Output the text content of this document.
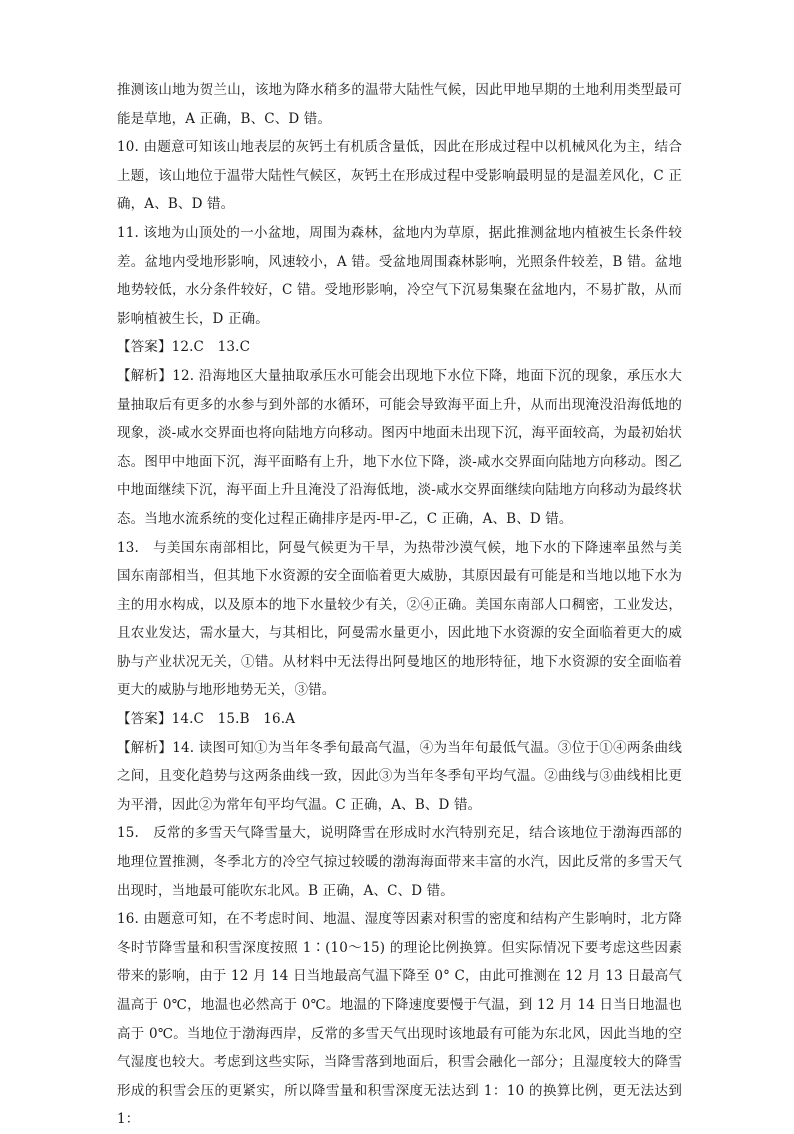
推测该山地为贺兰山，该地为降水稍多的温带大陆性气候，因此甲地早期的土地利用类型最可能是草地，A 正确，B、C、D 错。

10. 由题意可知该山地表层的灰钙土有机质含量低，因此在形成过程中以机械风化为主，结合上题，该山地位于温带大陆性气候区，灰钙土在形成过程中受影响最明显的是温差风化，C 正确，A、B、D 错。

11. 该地为山顶处的一小盆地，周围为森林，盆地内为草原，据此推测盆地内植被生长条件较差。盆地内受地形影响，风速较小，A 错。受盆地周围森林影响，光照条件较差，B 错。盆地地势较低，水分条件较好，C 错。受地形影响，冷空气下沉易集聚在盆地内，不易扩散，从而影响植被生长，D 正确。

【答案】12.C　13.C

【解析】12. 沿海地区大量抽取承压水可能会出现地下水位下降，地面下沉的现象，承压水大量抽取后有更多的水参与到外部的水循环，可能会导致海平面上升，从而出现淹没沿海低地的现象，淡-咸水交界面也将向陆地方向移动。图丙中地面未出现下沉，海平面较高，为最初始状态。图甲中地面下沉，海平面略有上升，地下水位下降，淡-咸水交界面向陆地方向移动。图乙中地面继续下沉，海平面上升且淹没了沿海低地，淡-咸水交界面继续向陆地方向移动为最终状态。当地水流系统的变化过程正确排序是丙-甲-乙，C 正确，A、B、D 错。

13.　与美国东南部相比，阿曼气候更为干旱，为热带沙漠气候，地下水的下降速率虽然与美国东南部相当，但其地下水资源的安全面临着更大威胁，其原因最有可能是和当地以地下水为主的用水构成，以及原本的地下水量较少有关，②④正确。美国东南部人口稠密，工业发达，且农业发达，需水量大，与其相比，阿曼需水量更小，因此地下水资源的安全面临着更大的威胁与产业状况无关，①错。从材料中无法得出阿曼地区的地形特征，地下水资源的安全面临着更大的威胁与地形地势无关，③错。

【答案】14.C　15.B　16.A

【解析】14. 读图可知①为当年冬季旬最高气温，④为当年旬最低气温。③位于①④两条曲线之间，且变化趋势与这两条曲线一致，因此③为当年冬季旬平均气温。②曲线与③曲线相比更为平滑，因此②为常年旬平均气温。C 正确，A、B、D 错。

15.　反常的多雪天气降雪量大，说明降雪在形成时水汽特别充足，结合该地位于渤海西部的地理位置推测，冬季北方的冷空气掠过较暖的渤海海面带来丰富的水汽，因此反常的多雪天气出现时，当地最可能吹东北风。B 正确，A、C、D 错。

16. 由题意可知，在不考虑时间、地温、湿度等因素对积雪的密度和结构产生影响时，北方降冬时节降雪量和积雪深度按照 1∶(10～15) 的理论比例换算。但实际情况下要考虑这些因素带来的影响，由于 12 月 14 日当地最高气温下降至 0° C，由此可推测在 12 月 13 日最高气温高于 0℃，地温也必然高于 0℃。地温的下降速度要慢于气温，到 12 月 14 日当日地温也高于 0℃。当地位于渤海西岸，反常的多雪天气出现时该地最有可能为东北风，因此当地的空气湿度也较大。考虑到这些实际，当降雪落到地面后，积雪会融化一部分；且湿度较大的降雪形成的积雪会压的更紧实，所以降雪量和积雪深度无法达到 1：10 的换算比例，更无法达到 1：
